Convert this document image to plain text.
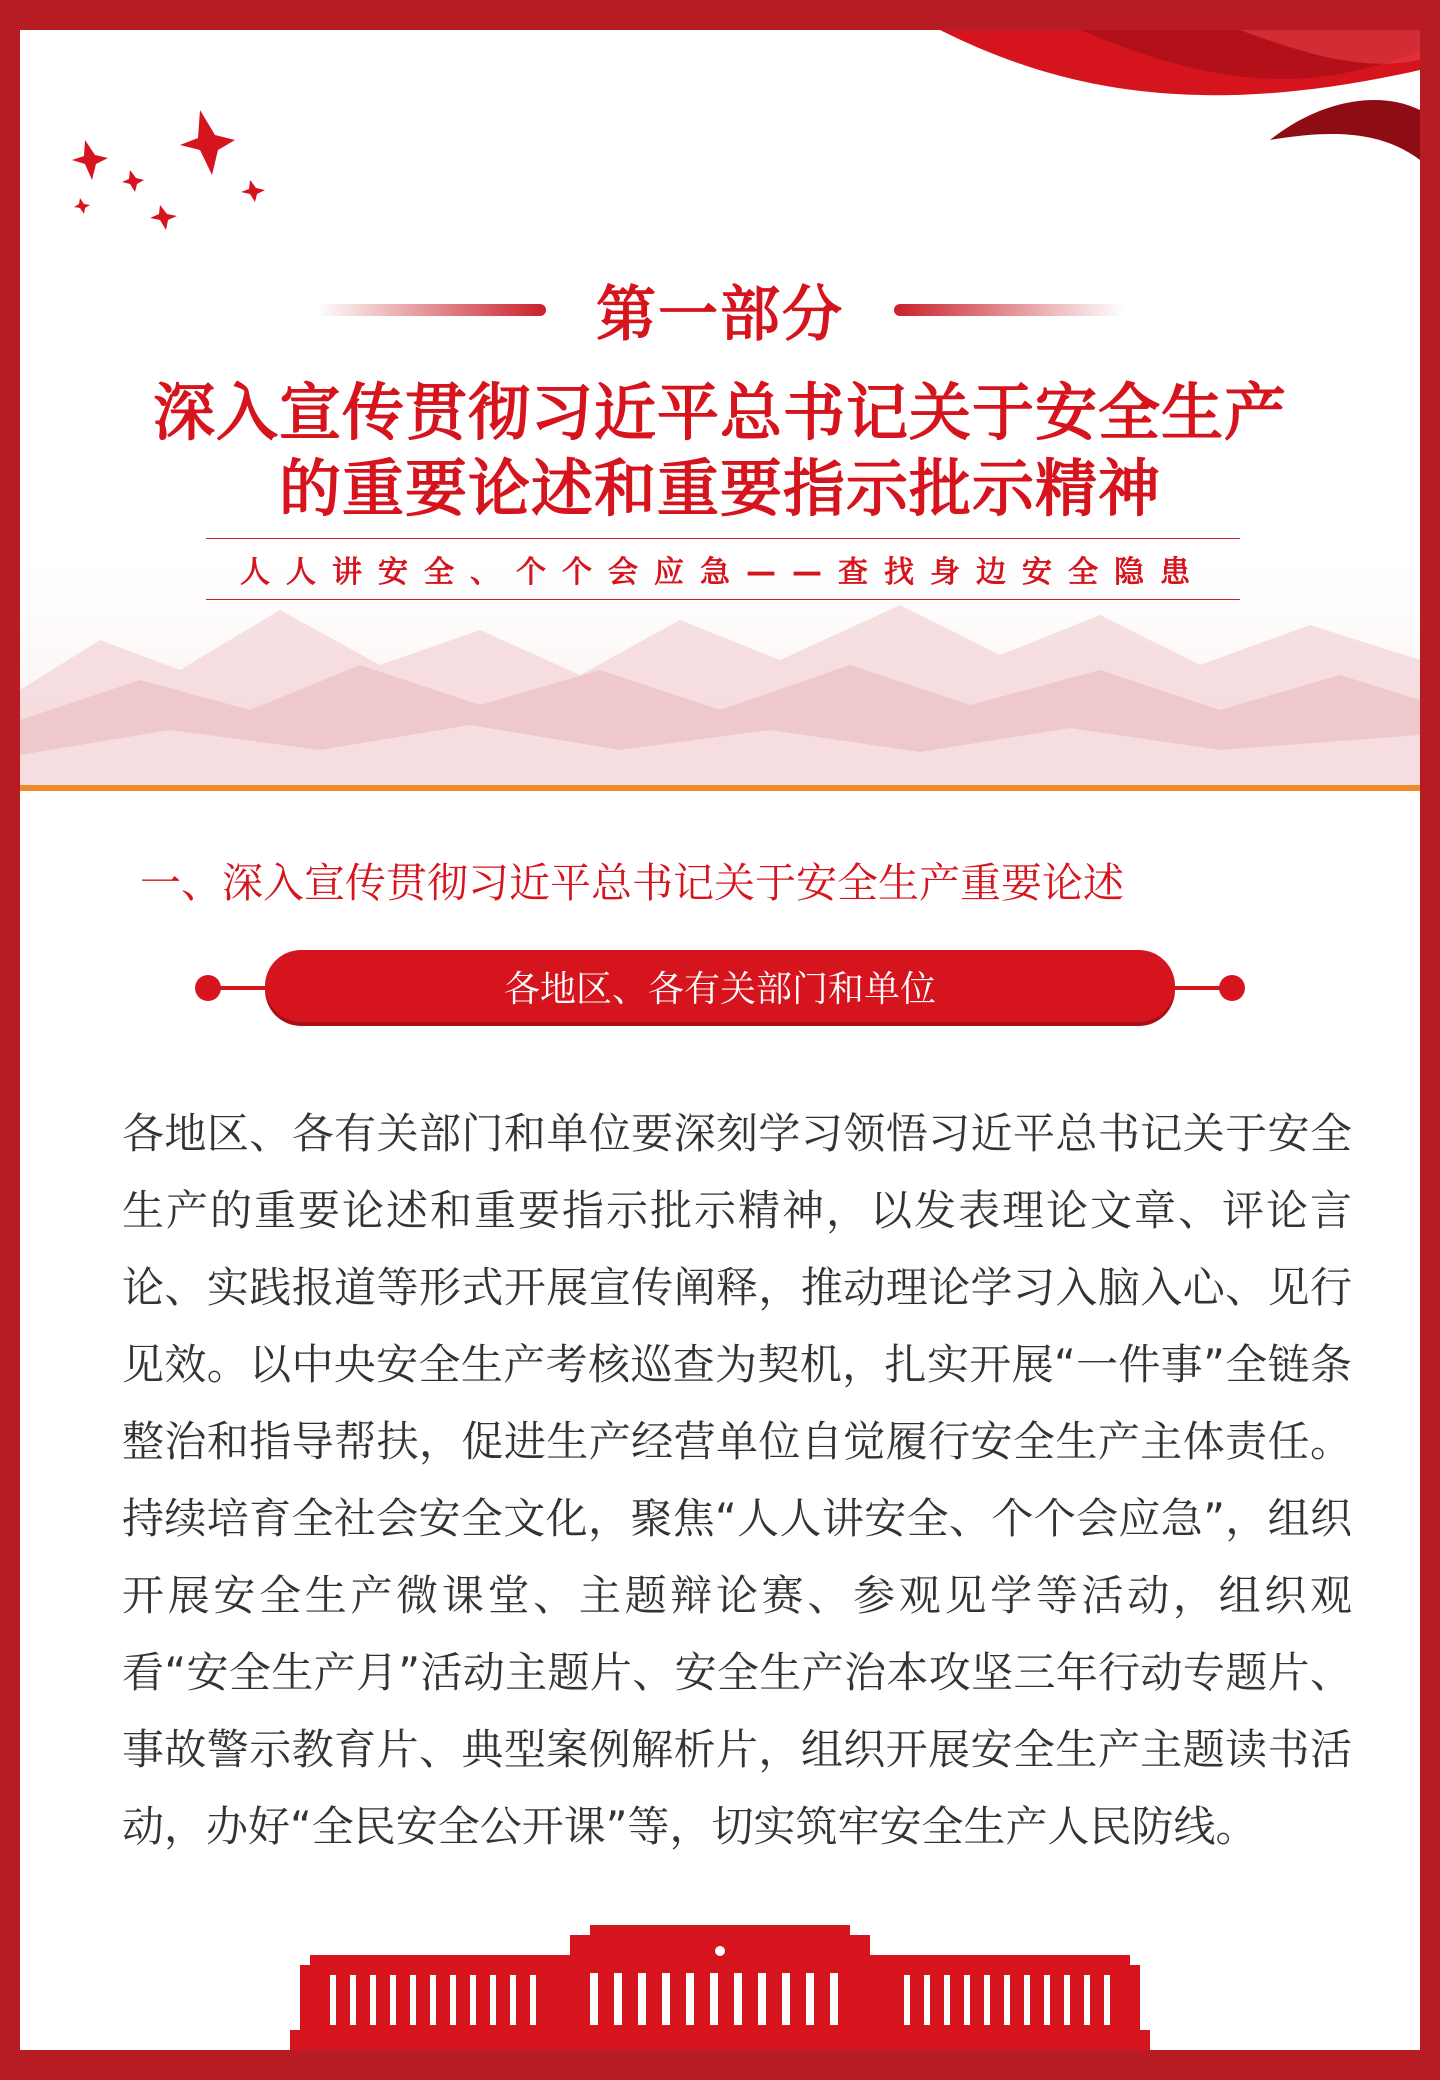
第一部分
深入宣传贯彻习近平总书记关于安全生产
的重要论述和重要指示批示精神
人人讲安全、个个会应急——查找身边安全隐患
一、深入宣传贯彻习近平总书记关于安全生产重要论述
各地区、各有关部门和单位
各地区、各有关部门和单位要深刻学习领悟习近平总书记关于安全生产的重要论述和重要指示批示精神，以发表理论文章、评论言论、实践报道等形式开展宣传阐释，推动理论学习入脑入心、见行见效。以中央安全生产考核巡查为契机，扎实开展“一件事”全链条整治和指导帮扶，促进生产经营单位自觉履行安全生产主体责任。持续培育全社会安全文化，聚焦“人人讲安全、个个会应急”，组织开展安全生产微课堂、主题辩论赛、参观见学等活动，组织观看“安全生产月”活动主题片、安全生产治本攻坚三年行动专题片、事故警示教育片、典型案例解析片，组织开展安全生产主题读书活动，办好“全民安全公开课”等，切实筑牢安全生产人民防线。
